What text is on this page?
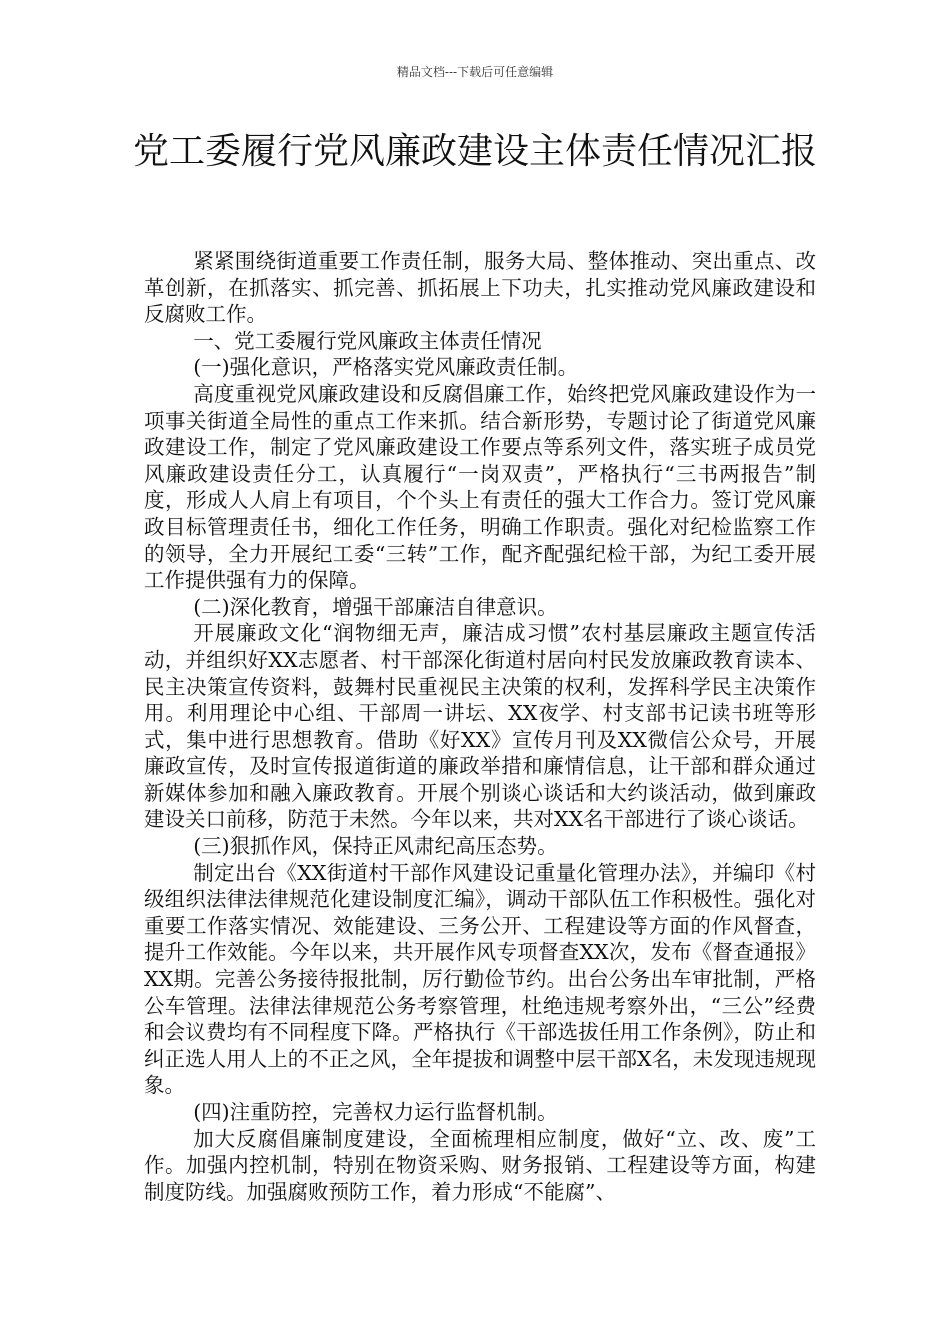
精品文档---下载后可任意编辑
党工委履行党风廉政建设主体责任情况汇报

紧紧围绕街道重要工作责任制，服务大局、整体推动、突出重点、改革创新，在抓落实、抓完善、抓拓展上下功夫，扎实推动党风廉政建设和反腐败工作。

一、党工委履行党风廉政主体责任情况

(一)强化意识，严格落实党风廉政责任制。

高度重视党风廉政建设和反腐倡廉工作，始终把党风廉政建设作为一项事关街道全局性的重点工作来抓。结合新形势，专题讨论了街道党风廉政建设工作，制定了党风廉政建设工作要点等系列文件，落实班子成员党风廉政建设责任分工，认真履行“一岗双责”，严格执行“三书两报告”制度，形成人人肩上有项目，个个头上有责任的强大工作合力。签订党风廉政目标管理责任书，细化工作任务，明确工作职责。强化对纪检监察工作的领导，全力开展纪工委“三转”工作，配齐配强纪检干部，为纪工委开展工作提供强有力的保障。

(二)深化教育，增强干部廉洁自律意识。

开展廉政文化“润物细无声，廉洁成习惯”农村基层廉政主题宣传活动，并组织好XX志愿者、村干部深化街道村居向村民发放廉政教育读本、民主决策宣传资料，鼓舞村民重视民主决策的权利，发挥科学民主决策作用。利用理论中心组、干部周一讲坛、XX夜学、村支部书记读书班等形式，集中进行思想教育。借助《好XX》宣传月刊及XX微信公众号，开展廉政宣传，及时宣传报道街道的廉政举措和廉情信息，让干部和群众通过新媒体参加和融入廉政教育。开展个别谈心谈话和大约谈活动，做到廉政建设关口前移，防范于未然。今年以来，共对XX名干部进行了谈心谈话。

(三)狠抓作风，保持正风肃纪高压态势。

制定出台《XX街道村干部作风建设记重量化管理办法》，并编印《村级组织法律法律规范化建设制度汇编》，调动干部队伍工作积极性。强化对重要工作落实情况、效能建设、三务公开、工程建设等方面的作风督查，提升工作效能。今年以来，共开展作风专项督查XX次，发布《督查通报》XX期。完善公务接待报批制，厉行勤俭节约。出台公务出车审批制，严格公车管理。法律法律规范公务考察管理，杜绝违规考察外出，“三公”经费和会议费均有不同程度下降。严格执行《干部选拔任用工作条例》，防止和纠正选人用人上的不正之风，全年提拔和调整中层干部X名，未发现违规现象。

(四)注重防控，完善权力运行监督机制。

加大反腐倡廉制度建设，全面梳理相应制度，做好“立、改、废”工作。加强内控机制，特别在物资采购、财务报销、工程建设等方面，构建制度防线。加强腐败预防工作，着力形成“不能腐”、
